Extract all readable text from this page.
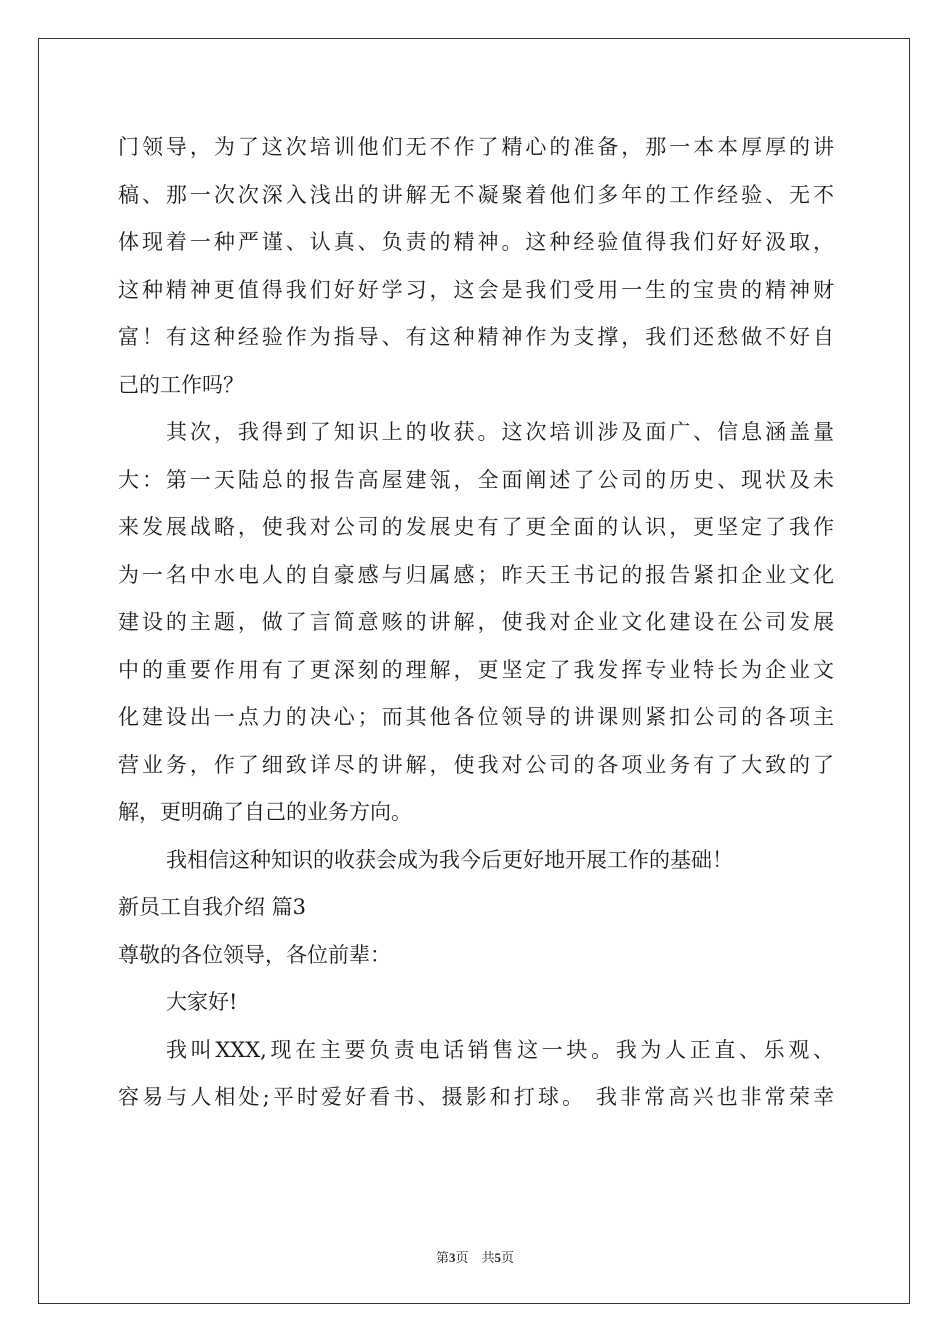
门领导，为了这次培训他们无不作了精心的准备，那一本本厚厚的讲
稿、那一次次深入浅出的讲解无不凝聚着他们多年的工作经验、无不
体现着一种严谨、认真、负责的精神。这种经验值得我们好好汲取，
这种精神更值得我们好好学习，这会是我们受用一生的宝贵的精神财
富！有这种经验作为指导、有这种精神作为支撑，我们还愁做不好自
己的工作吗？
其次，我得到了知识上的收获。这次培训涉及面广、信息涵盖量
大：第一天陆总的报告高屋建瓴，全面阐述了公司的历史、现状及未
来发展战略，使我对公司的发展史有了更全面的认识，更坚定了我作
为一名中水电人的自豪感与归属感；昨天王书记的报告紧扣企业文化
建设的主题，做了言简意赅的讲解，使我对企业文化建设在公司发展
中的重要作用有了更深刻的理解，更坚定了我发挥专业特长为企业文
化建设出一点力的决心；而其他各位领导的讲课则紧扣公司的各项主
营业务，作了细致详尽的讲解，使我对公司的各项业务有了大致的了
解，更明确了自己的业务方向。
我相信这种知识的收获会成为我今后更好地开展工作的基础！
新员工自我介绍 篇3
尊敬的各位领导，各位前辈：
大家好!
我叫XXX,现在主要负责电话销售这一块。我为人正直、乐观、
容易与人相处;平时爱好看书、摄影和打球。 我非常高兴也非常荣幸
第3页　共5页
